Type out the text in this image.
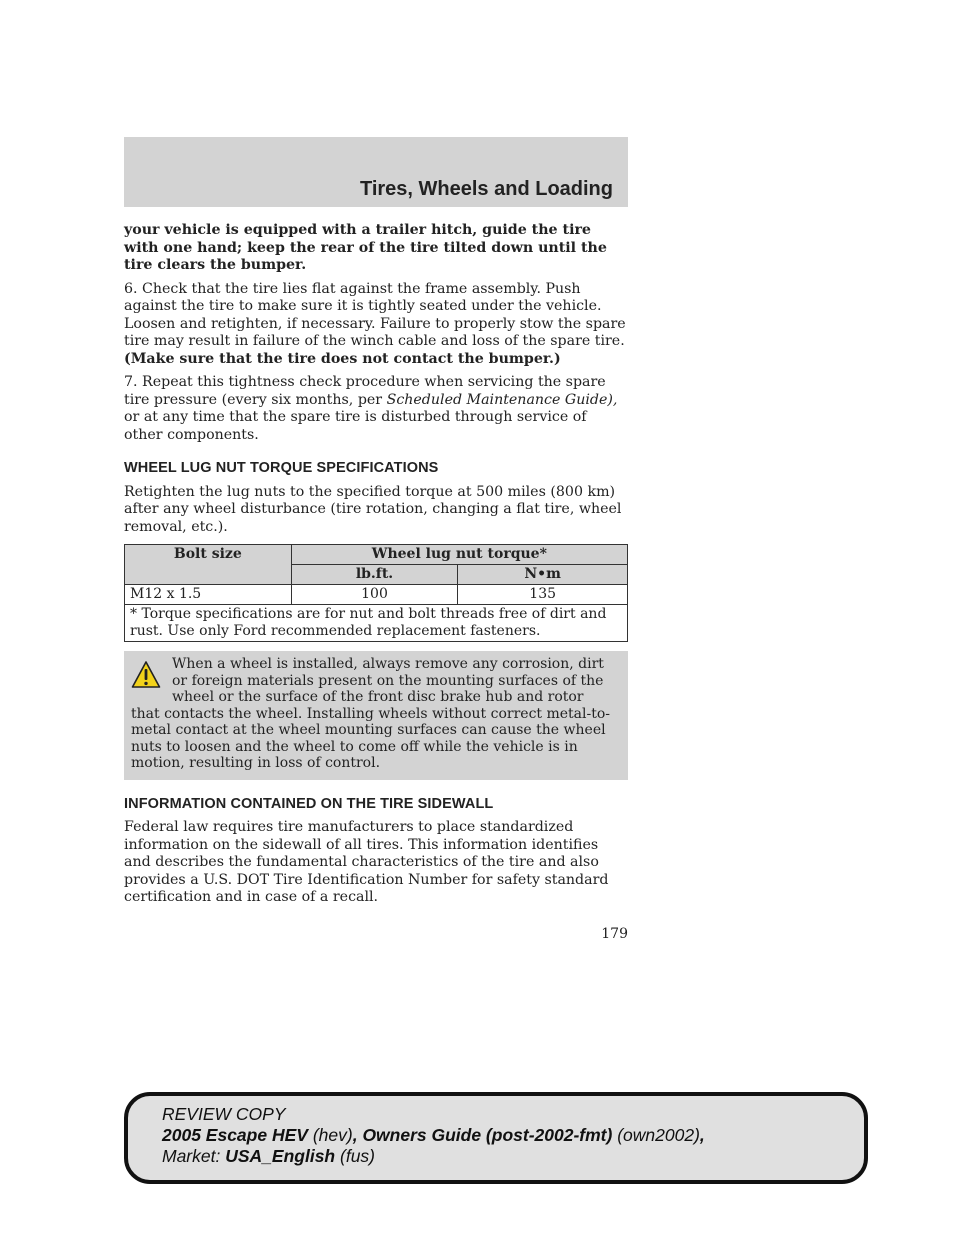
Tires, Wheels and Loading

your vehicle is equipped with a trailer hitch, guide the tire with one hand; keep the rear of the tire tilted down until the tire clears the bumper.

6. Check that the tire lies flat against the frame assembly. Push against the tire to make sure it is tightly seated under the vehicle. Loosen and retighten, if necessary. Failure to properly stow the spare tire may result in failure of the winch cable and loss of the spare tire. (Make sure that the tire does not contact the bumper.)

7. Repeat this tightness check procedure when servicing the spare tire pressure (every six months, per Scheduled Maintenance Guide), or at any time that the spare tire is disturbed through service of other components.

WHEEL LUG NUT TORQUE SPECIFICATIONS

Retighten the lug nuts to the specified torque at 500 miles (800 km) after any wheel disturbance (tire rotation, changing a flat tire, wheel removal, etc.).

Bolt size	Wheel lug nut torque*	
	lb.ft.	N•m
M12 x 1.5	100	135
* Torque specifications are for nut and bolt threads free of dirt and rust. Use only Ford recommended replacement fasteners.		
When a wheel is installed, always remove any corrosion, dirt or foreign materials present on the mounting surfaces of the wheel or the surface of the front disc brake hub and rotor that contacts the wheel. Installing wheels without correct metal-to-metal contact at the wheel mounting surfaces can cause the wheel nuts to loosen and the wheel to come off while the vehicle is in motion, resulting in loss of control.
INFORMATION CONTAINED ON THE TIRE SIDEWALL

Federal law requires tire manufacturers to place standardized information on the sidewall of all tires. This information identifies and describes the fundamental characteristics of the tire and also provides a U.S. DOT Tire Identification Number for safety standard certification and in case of a recall.

179
REVIEW COPY
2005 Escape HEV (hev), Owners Guide (post-2002-fmt) (own2002),
Market: USA_English (fus)
